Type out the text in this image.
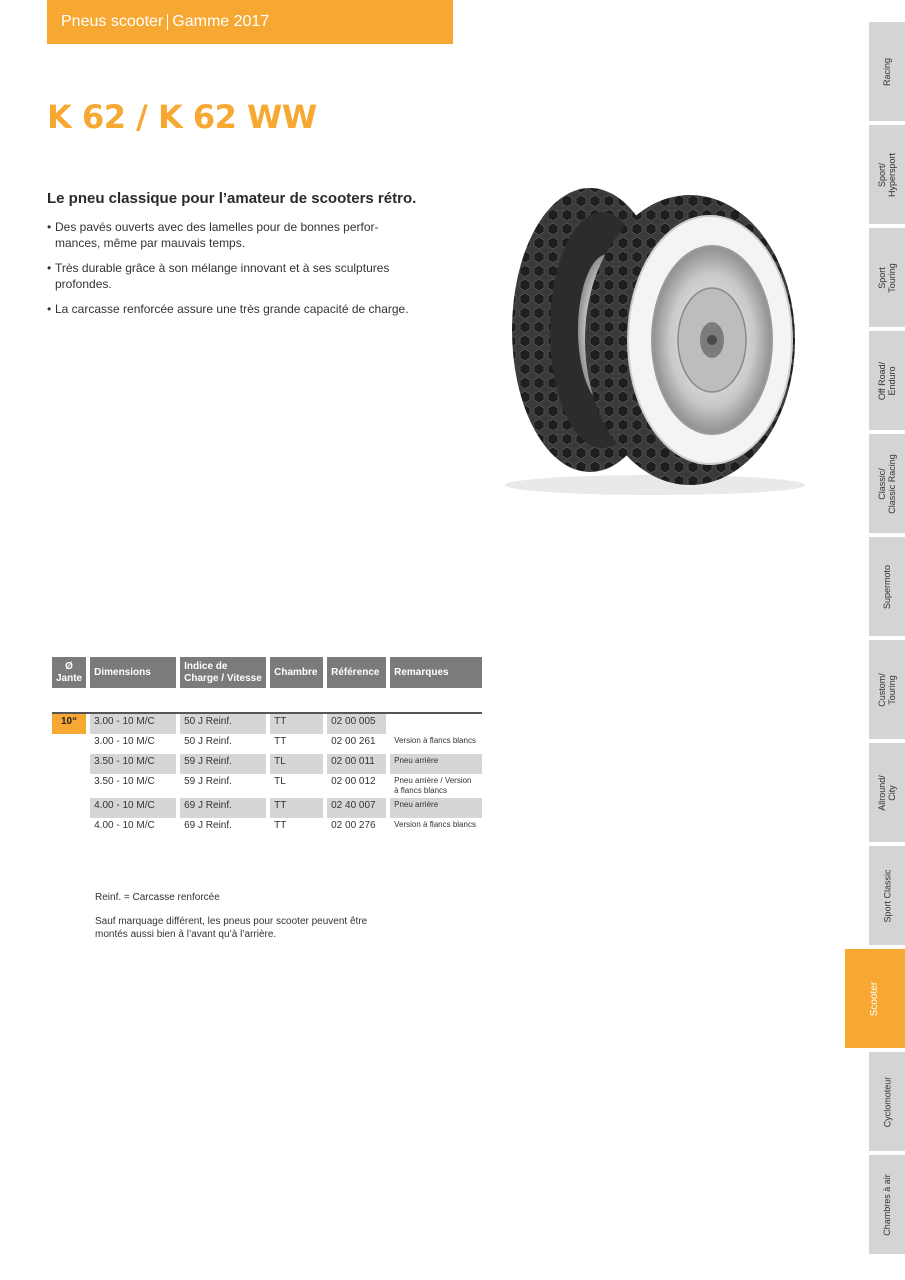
Pneus scooter Gamme 2017
K 62 / K 62 WW
Le pneu classique pour l’amateur de scooters rétro.
• Des pavés ouverts avec des lamelles pour de bonnes perfor-
mances, même par mauvais temps.
• Très durable grâce à son mélange innovant et à ses sculptures
profondes.
• La carcasse renforcée assure une très grande capacité de charge.
Ø
Jante	Dimensions	Indice de
Charge / Vitesse	Chambre	Référence	Remarques

10“	3.00 - 10 M/C	50 J Reinf.	TT	02 00 005	
	3.00 - 10 M/C	50 J Reinf.	TT	02 00 261	Version à flancs blancs
	3.50 - 10 M/C	59 J Reinf.	TL	02 00 011	Pneu arrière
	3.50 - 10 M/C	59 J Reinf.	TL	02 00 012	Pneu arrière / Version
à flancs blancs
	4.00 - 10 M/C	69 J Reinf.	TT	02 40 007	Pneu arrière
	4.00 - 10 M/C	69 J Reinf.	TT	02 00 276	Version à flancs blancs

Reinf. = Carcasse renforcée

Sauf marquage différent, les pneus pour scooter peuvent être
montés aussi bien à l’avant qu’à l’arrière.

Racing
Sport/
Hypersport
Sport
Touring
Off Road/
Enduro
Classic/
Classic Racing
Supermoto
Custom/
Touring
Allround/
City
Sport Classic
Scooter
Cyclomoteur
Chambres à air
